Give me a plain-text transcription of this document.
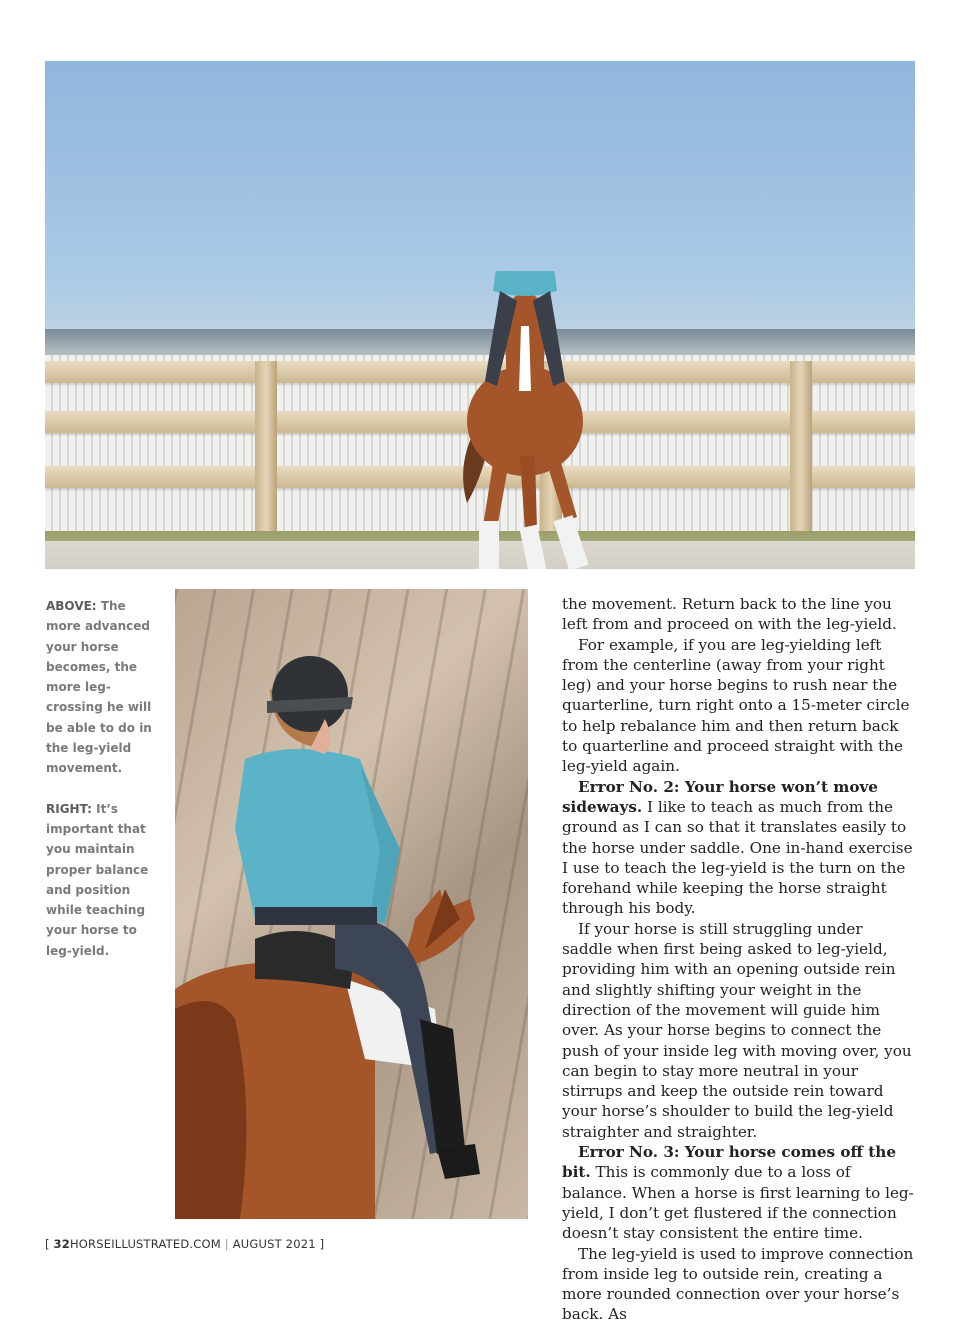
ABOVE: The more advanced your horse becomes, the more leg-crossing he will be able to do in the leg-yield movement.

RIGHT: It’s important that you maintain proper balance and position while teaching your horse to leg-yield.

the movement. Return back to the line you left from and proceed on with the leg-yield.

For example, if you are leg-yielding left from the centerline (away from your right leg) and your horse begins to rush near the quarterline, turn right onto a 15-meter circle to help rebalance him and then return back to quarterline and proceed straight with the leg-yield again.

Error No. 2: Your horse won’t move sideways. I like to teach as much from the ground as I can so that it translates easily to the horse under saddle. One in-hand exercise I use to teach the leg-yield is the turn on the forehand while keeping the horse straight through his body.

If your horse is still struggling under saddle when first being asked to leg-yield, providing him with an opening outside rein and slightly shifting your weight in the direction of the movement will guide him over. As your horse begins to connect the push of your inside leg with moving over, you can begin to stay more neutral in your stirrups and keep the outside rein toward your horse’s shoulder to build the leg-yield straighter and straighter.

Error No. 3: Your horse comes off the bit. This is commonly due to a loss of balance. When a horse is first learning to leg-yield, I don’t get flustered if the connection doesn’t stay consistent the entire time.

The leg-yield is used to improve connection from inside leg to outside rein, creating a more rounded connection over your horse’s back. As

[ 32HORSEILLUSTRATED.COM | AUGUST 2021 ]
